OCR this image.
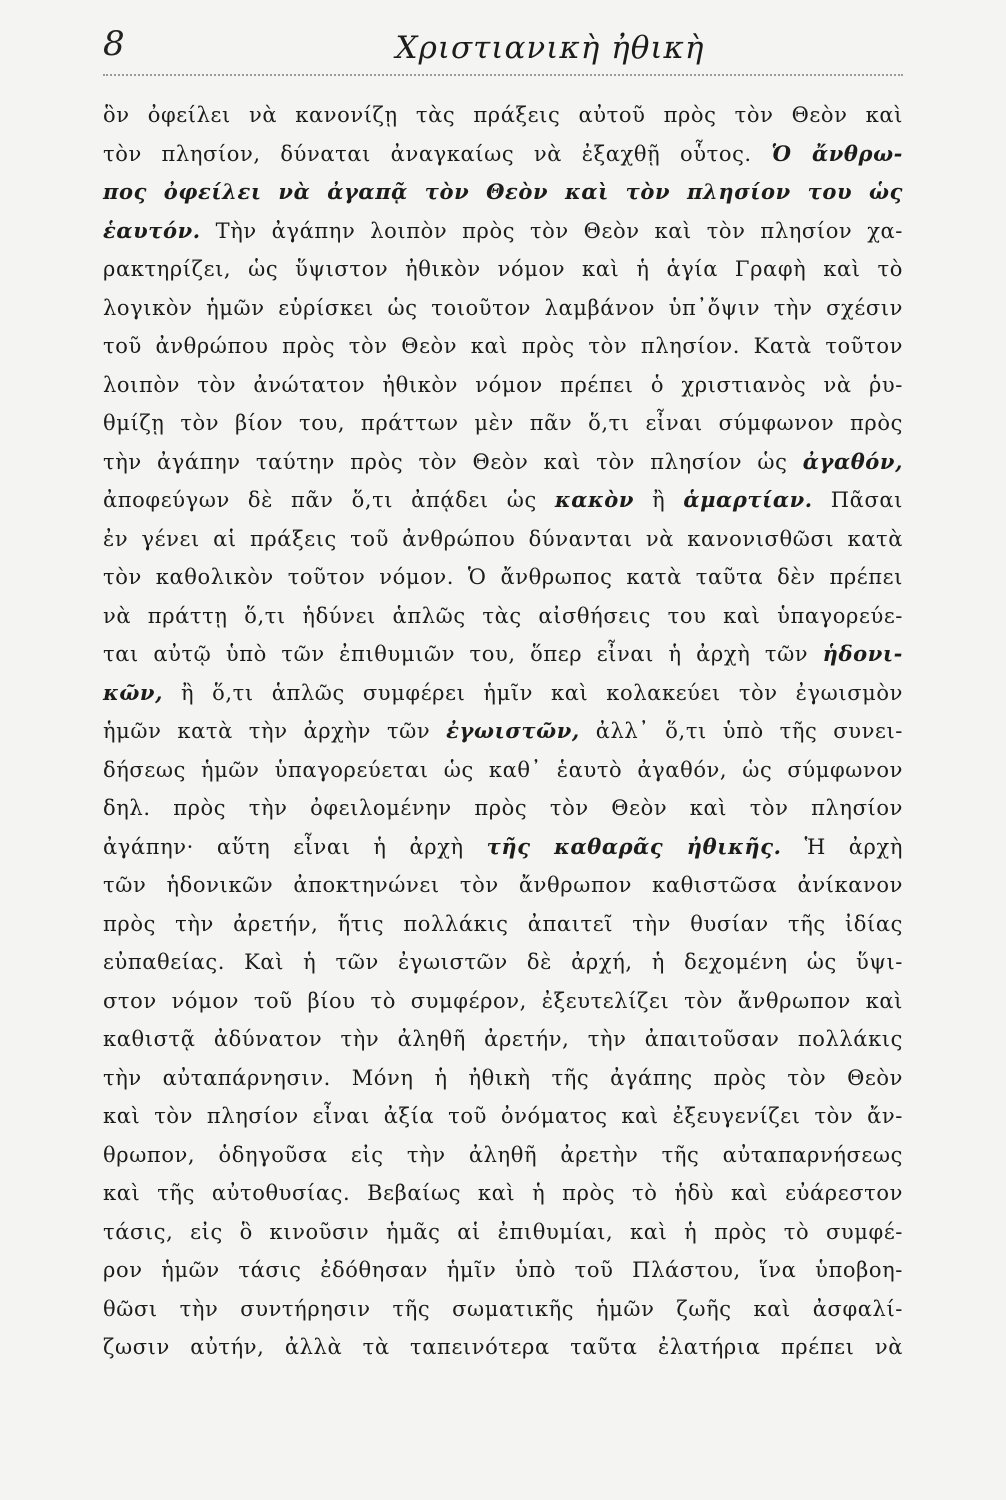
8	Χριστιανικὴ ἠθικὴ
ὃν ὀφείλει νὰ κανονίζῃ τὰς πράξεις αὐτοῦ πρὸς τὸν Θεὸν καὶ
τὸν πλησίον, δύναται ἀναγκαίως νὰ ἐξαχθῇ οὗτος. Ὁ ἄνθρω-
πος ὀφείλει νὰ ἀγαπᾷ τὸν Θεὸν καὶ τὸν πλησίον του ὡς
ἑαυτόν. Τὴν ἀγάπην λοιπὸν πρὸς τὸν Θεὸν καὶ τὸν πλησίον χα-
ρακτηρίζει, ὡς ὕψιστον ἠθικὸν νόμον καὶ ἡ ἁγία Γραφὴ καὶ τὸ
λογικὸν ἡμῶν εὑρίσκει ὡς τοιοῦτον λαμβάνον ὑπ᾿ὄψιν τὴν σχέσιν
τοῦ ἀνθρώπου πρὸς τὸν Θεὸν καὶ πρὸς τὸν πλησίον. Κατὰ τοῦτον
λοιπὸν τὸν ἀνώτατον ἠθικὸν νόμον πρέπει ὁ χριστιανὸς νὰ ῥυ-
θμίζῃ τὸν βίον του, πράττων μὲν πᾶν ὅ,τι εἶναι σύμφωνον πρὸς
τὴν ἀγάπην ταύτην πρὸς τὸν Θεὸν καὶ τὸν πλησίον ὡς ἀγαθόν,
ἀποφεύγων δὲ πᾶν ὅ,τι ἀπᾴδει ὡς κακὸν ἢ ἁμαρτίαν. Πᾶσαι
ἐν γένει αἱ πράξεις τοῦ ἀνθρώπου δύνανται νὰ κανονισθῶσι κατὰ
τὸν καθολικὸν τοῦτον νόμον. Ὁ ἄνθρωπος κατὰ ταῦτα δὲν πρέπει
νὰ πράττῃ ὅ,τι ἡδύνει ἁπλῶς τὰς αἰσθήσεις του καὶ ὑπαγορεύε-
ται αὐτῷ ὑπὸ τῶν ἐπιθυμιῶν του, ὅπερ εἶναι ἡ ἀρχὴ τῶν ἡδονι-
κῶν, ἢ ὅ,τι ἁπλῶς συμφέρει ἡμῖν καὶ κολακεύει τὸν ἐγωισμὸν
ἡμῶν κατὰ τὴν ἀρχὴν τῶν ἐγωιστῶν, ἀλλ᾿ ὅ,τι ὑπὸ τῆς συνει-
δήσεως ἡμῶν ὑπαγορεύεται ὡς καθ᾿ ἑαυτὸ ἀγαθόν, ὡς σύμφωνον
δηλ. πρὸς τὴν ὀφειλομένην πρὸς τὸν Θεὸν καὶ τὸν πλησίον
ἀγάπην· αὕτη εἶναι ἡ ἀρχὴ τῆς καθαρᾶς ἠθικῆς. Ἡ ἀρχὴ
τῶν ἡδονικῶν ἀποκτηνώνει τὸν ἄνθρωπον καθιστῶσα ἀνίκανον
πρὸς τὴν ἀρετήν, ἥτις πολλάκις ἀπαιτεῖ τὴν θυσίαν τῆς ἰδίας
εὐπαθείας. Καὶ ἡ τῶν ἐγωιστῶν δὲ ἀρχή, ἡ δεχομένη ὡς ὕψι-
στον νόμον τοῦ βίου τὸ συμφέρον, ἐξευτελίζει τὸν ἄνθρωπον καὶ
καθιστᾷ ἀδύνατον τὴν ἀληθῆ ἀρετήν, τὴν ἀπαιτοῦσαν πολλάκις
τὴν αὐταπάρνησιν. Μόνη ἡ ἠθικὴ τῆς ἀγάπης πρὸς τὸν Θεὸν
καὶ τὸν πλησίον εἶναι ἀξία τοῦ ὀνόματος καὶ ἐξευγενίζει τὸν ἄν-
θρωπον, ὁδηγοῦσα εἰς τὴν ἀληθῆ ἀρετὴν τῆς αὐταπαρνήσεως
καὶ τῆς αὐτοθυσίας. Βεβαίως καὶ ἡ πρὸς τὸ ἡδὺ καὶ εὐάρεστον
τάσις, εἰς ὃ κινοῦσιν ἡμᾶς αἱ ἐπιθυμίαι, καὶ ἡ πρὸς τὸ συμφέ-
ρον ἡμῶν τάσις ἐδόθησαν ἡμῖν ὑπὸ τοῦ Πλάστου, ἵνα ὑποβοη-
θῶσι τὴν συντήρησιν τῆς σωματικῆς ἡμῶν ζωῆς καὶ ἀσφαλί-
ζωσιν αὐτήν, ἀλλὰ τὰ ταπεινότερα ταῦτα ἐλατήρια πρέπει νὰ
